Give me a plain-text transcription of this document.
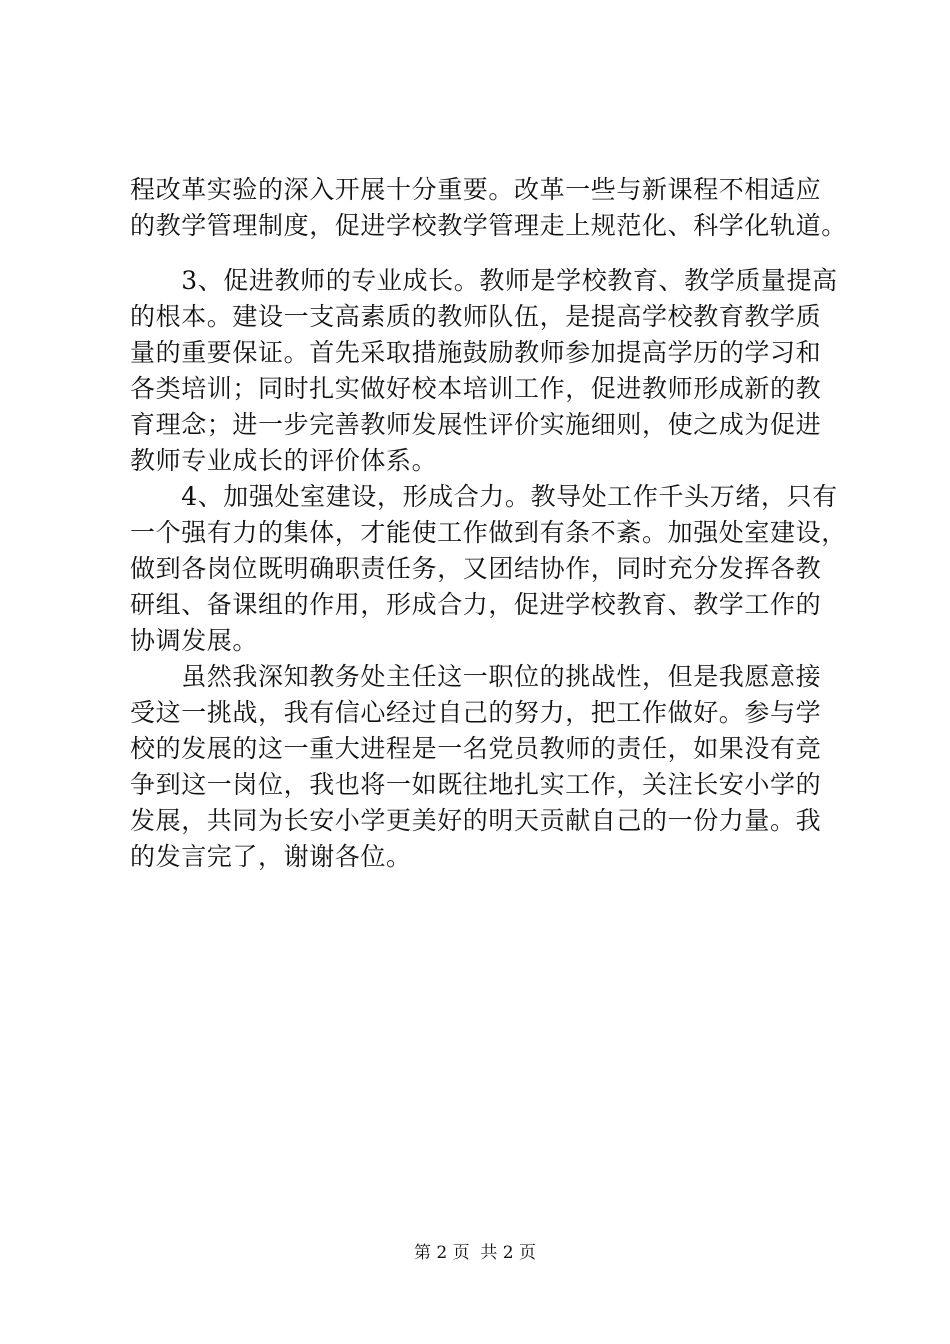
程改革实验的深入开展十分重要。改革一些与新课程不相适应
的教学管理制度，促进学校教学管理走上规范化、科学化轨道。
　　3、促进教师的专业成长。教师是学校教育、教学质量提高
的根本。建设一支高素质的教师队伍，是提高学校教育教学质
量的重要保证。首先采取措施鼓励教师参加提高学历的学习和
各类培训；同时扎实做好校本培训工作，促进教师形成新的教
育理念；进一步完善教师发展性评价实施细则，使之成为促进
教师专业成长的评价体系。
　　4、加强处室建设，形成合力。教导处工作千头万绪，只有
一个强有力的集体，才能使工作做到有条不紊。加强处室建设，
做到各岗位既明确职责任务，又团结协作，同时充分发挥各教
研组、备课组的作用，形成合力，促进学校教育、教学工作的
协调发展。
　　虽然我深知教务处主任这一职位的挑战性，但是我愿意接
受这一挑战，我有信心经过自己的努力，把工作做好。参与学
校的发展的这一重大进程是一名党员教师的责任，如果没有竞
争到这一岗位，我也将一如既往地扎实工作，关注长安小学的
发展，共同为长安小学更美好的明天贡献自己的一份力量。我
的发言完了，谢谢各位。
第 2 页  共 2 页
